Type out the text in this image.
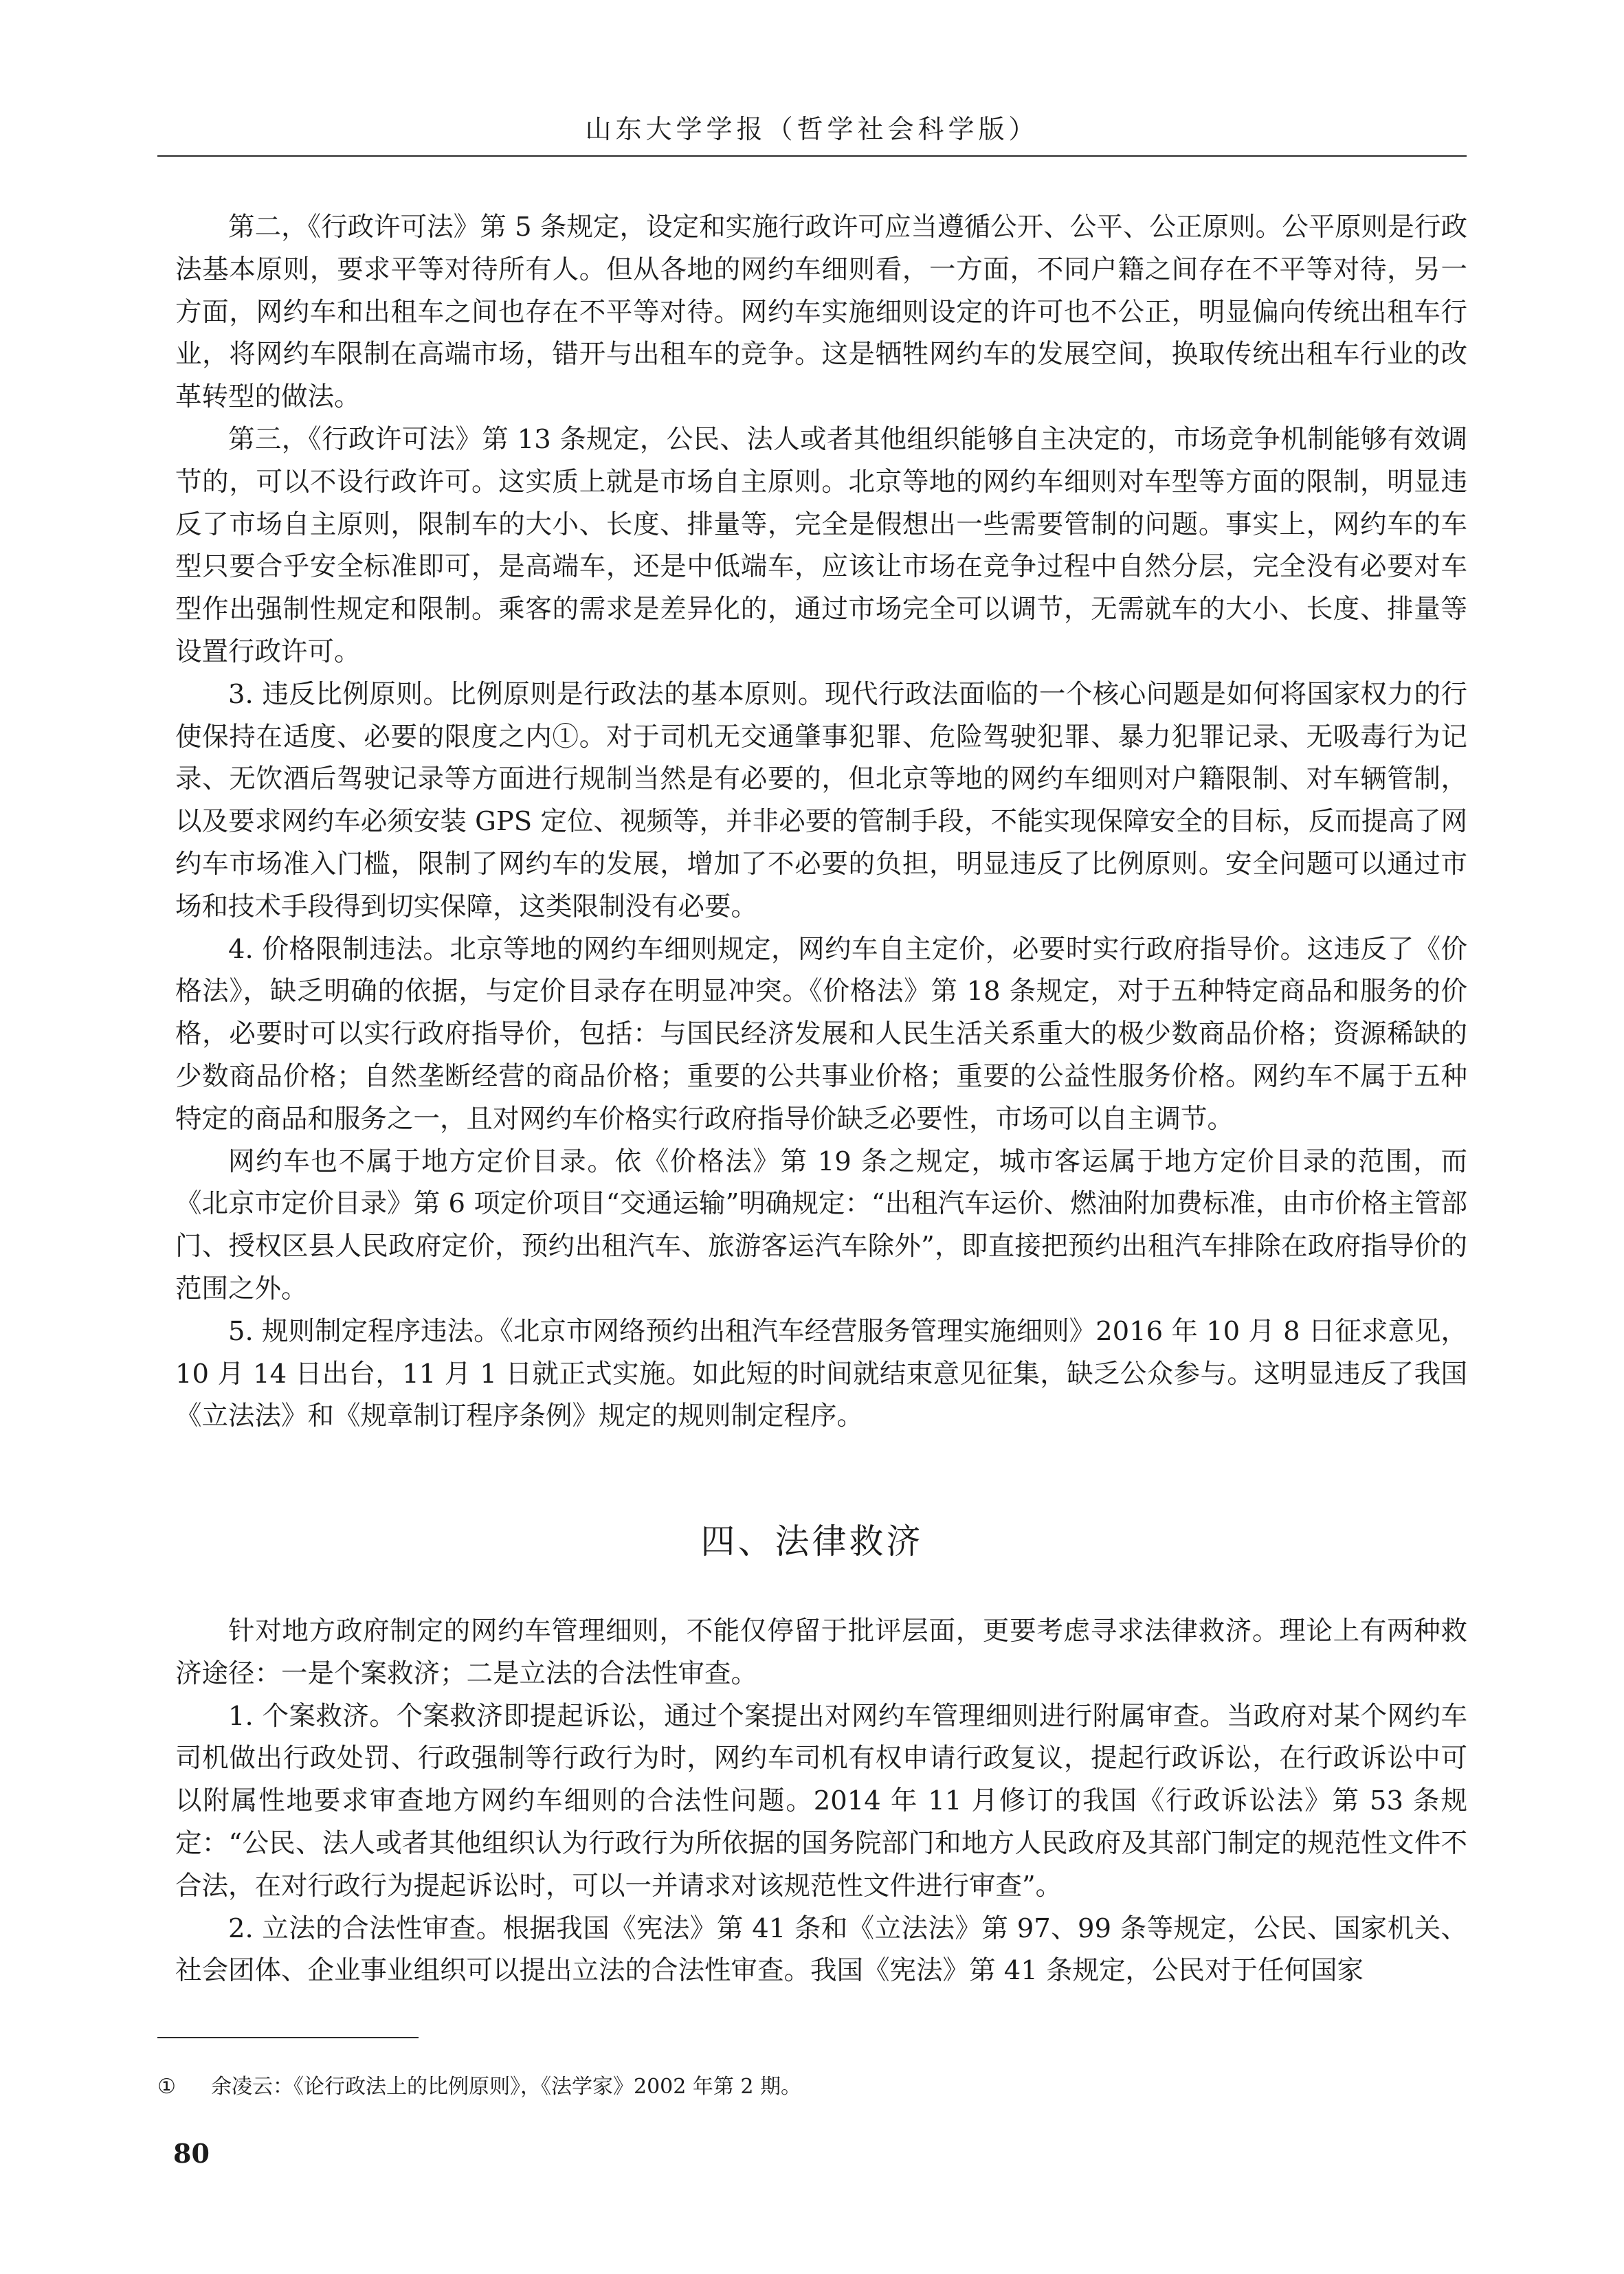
山东大学学报（哲学社会科学版）

第二，《行政许可法》第 5 条规定，设定和实施行政许可应当遵循公开、公平、公正原则。公平原则是行政法基本原则，要求平等对待所有人。但从各地的网约车细则看，一方面，不同户籍之间存在不平等对待，另一方面，网约车和出租车之间也存在不平等对待。网约车实施细则设定的许可也不公正，明显偏向传统出租车行业，将网约车限制在高端市场，错开与出租车的竞争。这是牺牲网约车的发展空间，换取传统出租车行业的改革转型的做法。

第三，《行政许可法》第 13 条规定，公民、法人或者其他组织能够自主决定的，市场竞争机制能够有效调节的，可以不设行政许可。这实质上就是市场自主原则。北京等地的网约车细则对车型等方面的限制，明显违反了市场自主原则，限制车的大小、长度、排量等，完全是假想出一些需要管制的问题。事实上，网约车的车型只要合乎安全标准即可，是高端车，还是中低端车，应该让市场在竞争过程中自然分层，完全没有必要对车型作出强制性规定和限制。乘客的需求是差异化的，通过市场完全可以调节，无需就车的大小、长度、排量等设置行政许可。

3. 违反比例原则。比例原则是行政法的基本原则。现代行政法面临的一个核心问题是如何将国家权力的行使保持在适度、必要的限度之内①。对于司机无交通肇事犯罪、危险驾驶犯罪、暴力犯罪记录、无吸毒行为记录、无饮酒后驾驶记录等方面进行规制当然是有必要的，但北京等地的网约车细则对户籍限制、对车辆管制，以及要求网约车必须安装 GPS 定位、视频等，并非必要的管制手段，不能实现保障安全的目标，反而提高了网约车市场准入门槛，限制了网约车的发展，增加了不必要的负担，明显违反了比例原则。安全问题可以通过市场和技术手段得到切实保障，这类限制没有必要。

4. 价格限制违法。北京等地的网约车细则规定，网约车自主定价，必要时实行政府指导价。这违反了《价格法》，缺乏明确的依据，与定价目录存在明显冲突。《价格法》第 18 条规定，对于五种特定商品和服务的价格，必要时可以实行政府指导价，包括：与国民经济发展和人民生活关系重大的极少数商品价格；资源稀缺的少数商品价格；自然垄断经营的商品价格；重要的公共事业价格；重要的公益性服务价格。网约车不属于五种特定的商品和服务之一，且对网约车价格实行政府指导价缺乏必要性，市场可以自主调节。

网约车也不属于地方定价目录。依《价格法》第 19 条之规定，城市客运属于地方定价目录的范围，而《北京市定价目录》第 6 项定价项目“交通运输”明确规定：“出租汽车运价、燃油附加费标准，由市价格主管部门、授权区县人民政府定价，预约出租汽车、旅游客运汽车除外”，即直接把预约出租汽车排除在政府指导价的范围之外。

5. 规则制定程序违法。《北京市网络预约出租汽车经营服务管理实施细则》2016 年 10 月 8 日征求意见，10 月 14 日出台，11 月 1 日就正式实施。如此短的时间就结束意见征集，缺乏公众参与。这明显违反了我国《立法法》和《规章制订程序条例》规定的规则制定程序。

四、法律救济

针对地方政府制定的网约车管理细则，不能仅停留于批评层面，更要考虑寻求法律救济。理论上有两种救济途径：一是个案救济；二是立法的合法性审查。

1. 个案救济。个案救济即提起诉讼，通过个案提出对网约车管理细则进行附属审查。当政府对某个网约车司机做出行政处罚、行政强制等行政行为时，网约车司机有权申请行政复议，提起行政诉讼，在行政诉讼中可以附属性地要求审查地方网约车细则的合法性问题。2014 年 11 月修订的我国《行政诉讼法》第 53 条规定：“公民、法人或者其他组织认为行政行为所依据的国务院部门和地方人民政府及其部门制定的规范性文件不合法，在对行政行为提起诉讼时，可以一并请求对该规范性文件进行审查”。

2. 立法的合法性审查。根据我国《宪法》第 41 条和《立法法》第 97、99 条等规定，公民、国家机关、社会团体、企业事业组织可以提出立法的合法性审查。我国《宪法》第 41 条规定，公民对于任何国家

① 余凌云：《论行政法上的比例原则》，《法学家》2002 年第 2 期。

80
